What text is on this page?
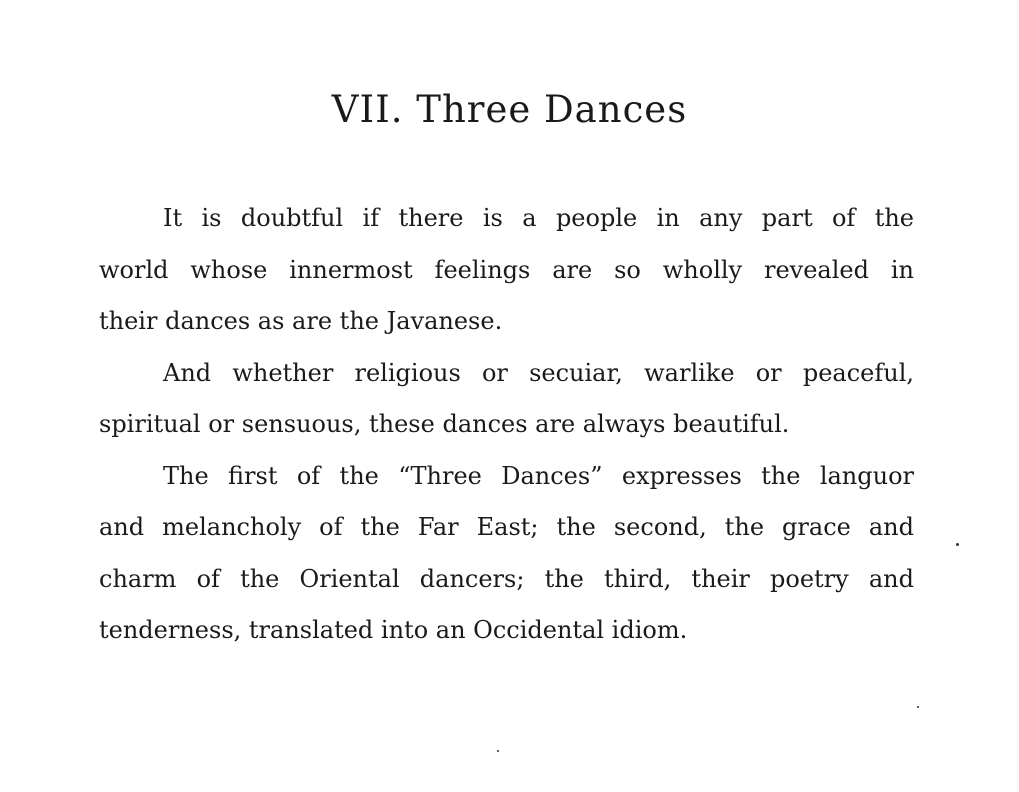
VII. Three Dances
It is doubtful if there is a people in any part of the
world whose innermost feelings are so wholly revealed in
their dances as are the Javanese.
And whether religious or secuiar, warlike or peaceful,
spiritual or sensuous, these dances are always beautiful.
The first of the “Three Dances” expresses the languor
and melancholy of the Far East; the second, the grace and
charm of the Oriental dancers; the third, their poetry and
tenderness, translated into an Occidental idiom.
